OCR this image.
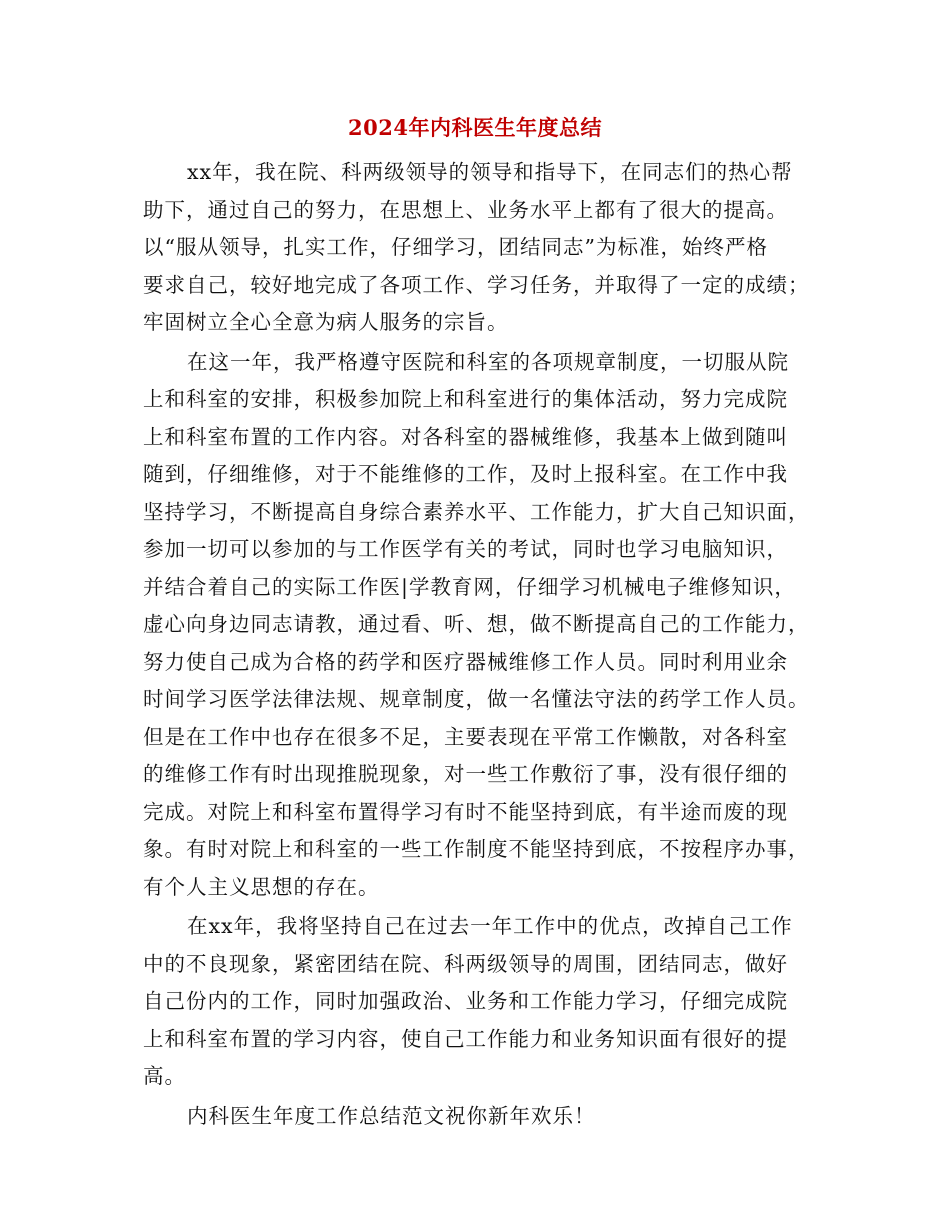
2024年内科医生年度总结
xx年，我在院、科两级领导的领导和指导下，在同志们的热心帮
助下，通过自己的努力，在思想上、业务水平上都有了很大的提高。
以“服从领导，扎实工作，仔细学习，团结同志”为标准，始终严格
要求自己，较好地完成了各项工作、学习任务，并取得了一定的成绩；
牢固树立全心全意为病人服务的宗旨。
在这一年，我严格遵守医院和科室的各项规章制度，一切服从院
上和科室的安排，积极参加院上和科室进行的集体活动，努力完成院
上和科室布置的工作内容。对各科室的器械维修，我基本上做到随叫
随到，仔细维修，对于不能维修的工作，及时上报科室。在工作中我
坚持学习，不断提高自身综合素养水平、工作能力，扩大自己知识面，
参加一切可以参加的与工作医学有关的考试，同时也学习电脑知识，
并结合着自己的实际工作医|学教育网，仔细学习机械电子维修知识，
虚心向身边同志请教，通过看、听、想，做不断提高自己的工作能力，
努力使自己成为合格的药学和医疗器械维修工作人员。同时利用业余
时间学习医学法律法规、规章制度，做一名懂法守法的药学工作人员。
但是在工作中也存在很多不足，主要表现在平常工作懒散，对各科室
的维修工作有时出现推脱现象，对一些工作敷衍了事，没有很仔细的
完成。对院上和科室布置得学习有时不能坚持到底，有半途而废的现
象。有时对院上和科室的一些工作制度不能坚持到底，不按程序办事，
有个人主义思想的存在。
在xx年，我将坚持自己在过去一年工作中的优点，改掉自己工作
中的不良现象，紧密团结在院、科两级领导的周围，团结同志，做好
自己份内的工作，同时加强政治、业务和工作能力学习，仔细完成院
上和科室布置的学习内容，使自己工作能力和业务知识面有很好的提
高。
内科医生年度工作总结范文祝你新年欢乐！
